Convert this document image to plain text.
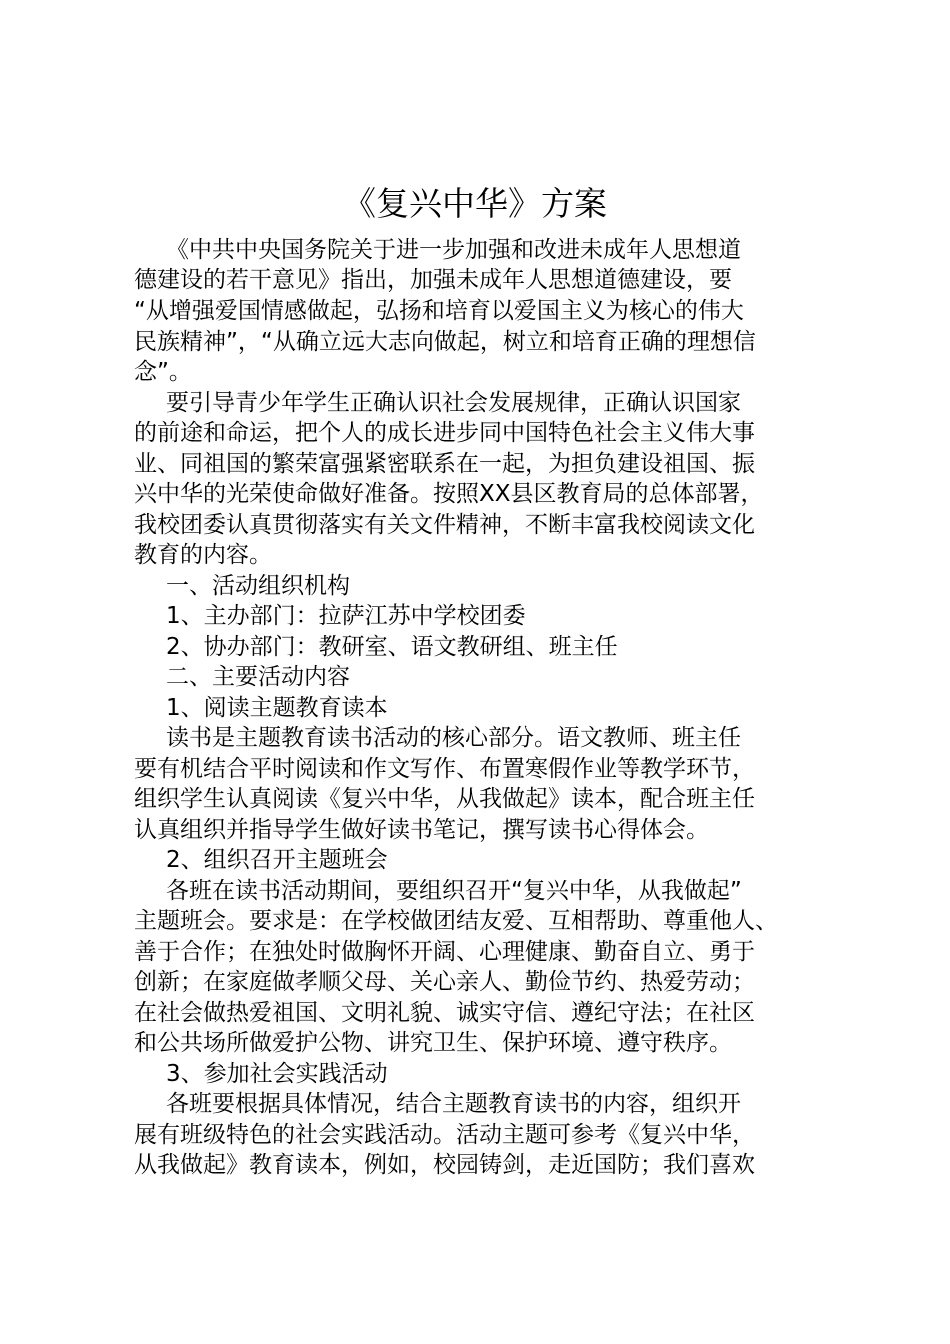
《复兴中华》方案
《中共中央国务院关于进一步加强和改进未成年人思想道
德建设的若干意见》指出，加强未成年人思想道德建设，要
“从增强爱国情感做起，弘扬和培育以爱国主义为核心的伟大
民族精神”，“从确立远大志向做起，树立和培育正确的理想信
念”。
要引导青少年学生正确认识社会发展规律，正确认识国家
的前途和命运，把个人的成长进步同中国特色社会主义伟大事
业、同祖国的繁荣富强紧密联系在一起，为担负建设祖国、振
兴中华的光荣使命做好准备。按照XX县区教育局的总体部署，
我校团委认真贯彻落实有关文件精神，不断丰富我校阅读文化
教育的内容。
一、活动组织机构
1、主办部门：拉萨江苏中学校团委
2、协办部门：教研室、语文教研组、班主任
二、主要活动内容
1、阅读主题教育读本
读书是主题教育读书活动的核心部分。语文教师、班主任
要有机结合平时阅读和作文写作、布置寒假作业等教学环节，
组织学生认真阅读《复兴中华，从我做起》读本，配合班主任
认真组织并指导学生做好读书笔记，撰写读书心得体会。
2、组织召开主题班会
各班在读书活动期间，要组织召开“复兴中华，从我做起”
主题班会。要求是：在学校做团结友爱、互相帮助、尊重他人、
善于合作；在独处时做胸怀开阔、心理健康、勤奋自立、勇于
创新；在家庭做孝顺父母、关心亲人、勤俭节约、热爱劳动；
在社会做热爱祖国、文明礼貌、诚实守信、遵纪守法；在社区
和公共场所做爱护公物、讲究卫生、保护环境、遵守秩序。
3、参加社会实践活动
各班要根据具体情况，结合主题教育读书的内容，组织开
展有班级特色的社会实践活动。活动主题可参考《复兴中华，
从我做起》教育读本，例如，校园铸剑，走近国防；我们喜欢
